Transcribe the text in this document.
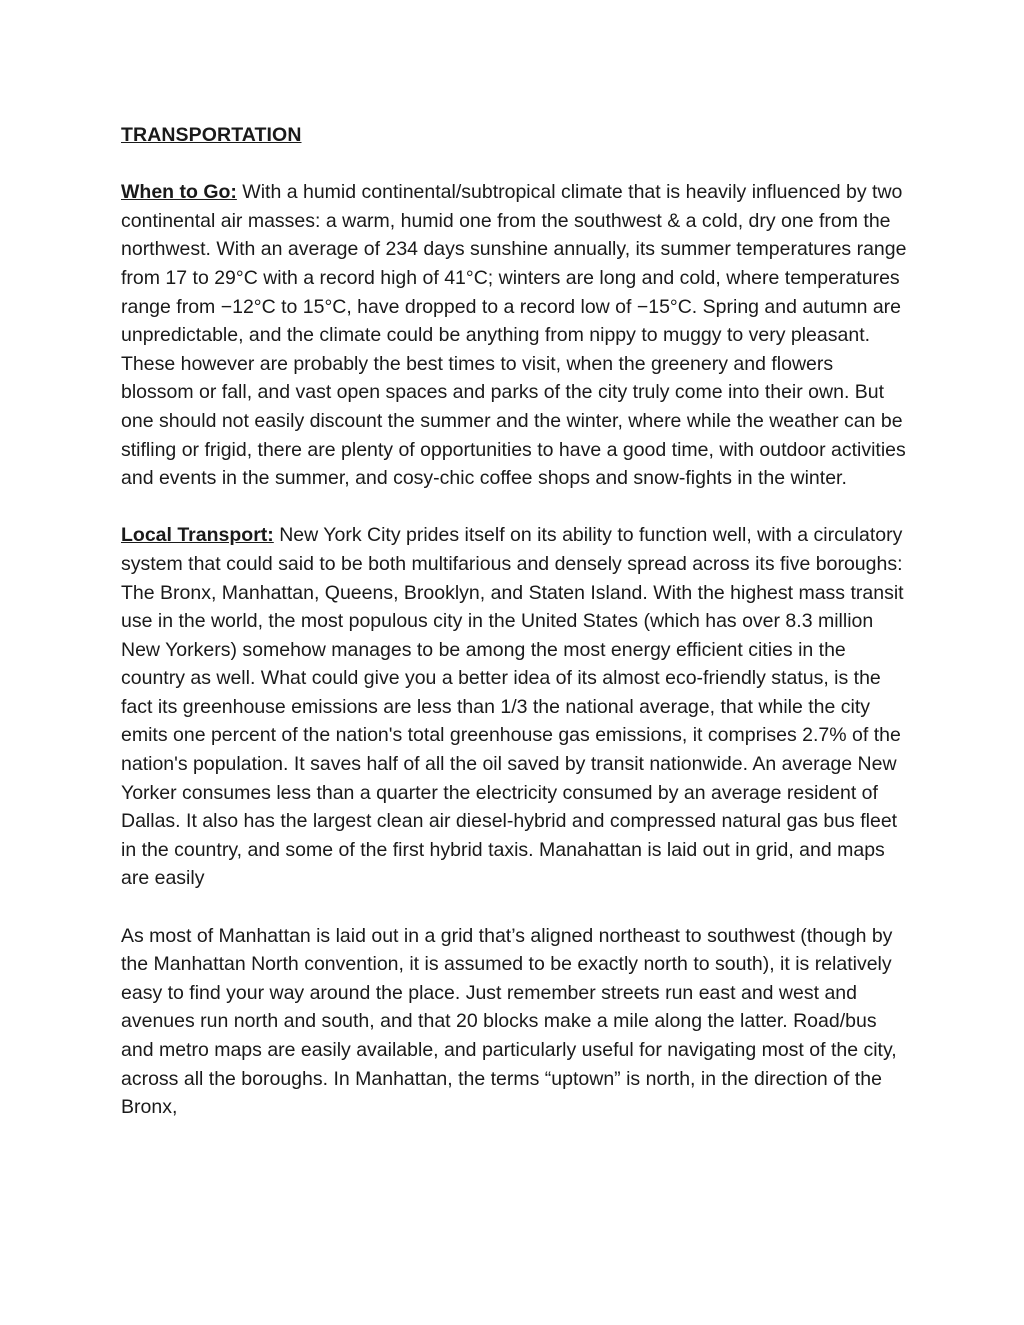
TRANSPORTATION

When to Go: With a humid continental/subtropical climate that is heavily influenced by two continental air masses: a warm, humid one from the southwest & a cold, dry one from the northwest. With an average of 234 days sunshine annually, its summer temperatures range from 17 to 29°C with a record high of 41°C; winters are long and cold, where temperatures range from −12°C to 15°C, have dropped to a record low of −15°C. Spring and autumn are unpredictable, and the climate could be anything from nippy to muggy to very pleasant. These however are probably the best times to visit, when the greenery and flowers blossom or fall, and vast open spaces and parks of the city truly come into their own. But one should not easily discount the summer and the winter, where while the weather can be stifling or frigid, there are plenty of opportunities to have a good time, with outdoor activities and events in the summer, and cosy-chic coffee shops and snow-fights in the winter.

Local Transport: New York City prides itself on its ability to function well, with a circulatory system that could said to be both multifarious and densely spread across its five boroughs: The Bronx, Manhattan, Queens, Brooklyn, and Staten Island. With the highest mass transit use in the world, the most populous city in the United States (which has over 8.3 million New Yorkers) somehow manages to be among the most energy efficient cities in the country as well. What could give you a better idea of its almost eco-friendly status, is the fact its greenhouse emissions are less than 1/3 the national average, that while the city emits one percent of the nation's total greenhouse gas emissions, it comprises 2.7% of the nation's population. It saves half of all the oil saved by transit nationwide. An average New Yorker consumes less than a quarter the electricity consumed by an average resident of Dallas. It also has the largest clean air diesel-hybrid and compressed natural gas bus fleet in the country, and some of the first hybrid taxis. Manahattan is laid out in grid, and maps are easily

As most of Manhattan is laid out in a grid that’s aligned northeast to southwest (though by the Manhattan North convention, it is assumed to be exactly north to south), it is relatively easy to find your way around the place. Just remember streets run east and west and avenues run north and south, and that 20 blocks make a mile along the latter. Road/bus and metro maps are easily available, and particularly useful for navigating most of the city, across all the boroughs. In Manhattan, the terms “uptown” is north, in the direction of the Bronx,
